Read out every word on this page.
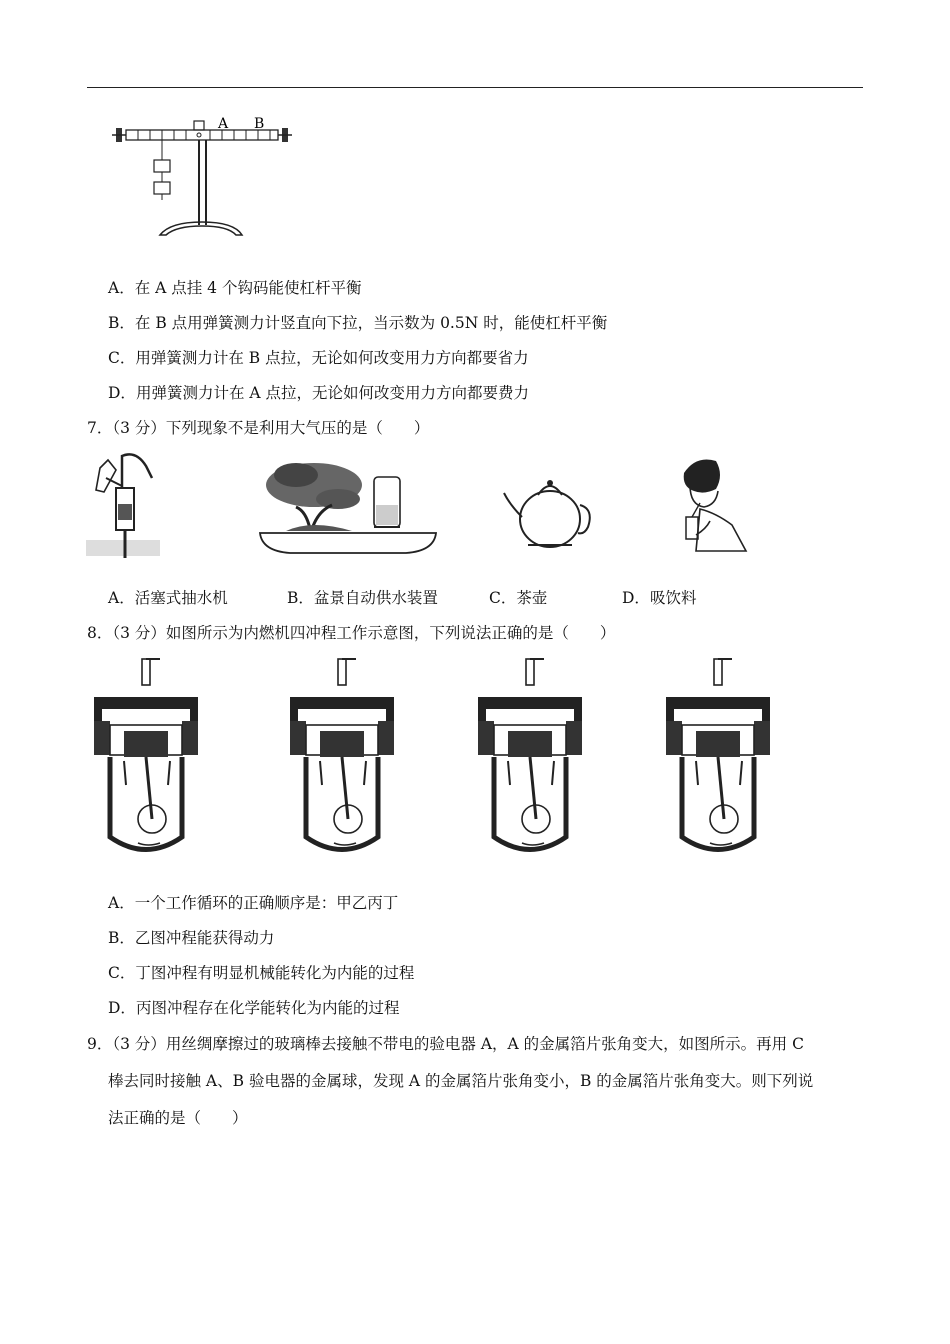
A B
A．在 A 点挂 4 个钩码能使杠杆平衡
B．在 B 点用弹簧测力计竖直向下拉，当示数为 0.5N 时，能使杠杆平衡
C．用弹簧测力计在 B 点拉，无论如何改变用力方向都要省力
D．用弹簧测力计在 A 点拉，无论如何改变用力方向都要费力
7．（3 分）下列现象不是利用大气压的是（　　）
A．活塞式抽水机	B．盆景自动供水装置	C．茶壶	D．吸饮料
8．（3 分）如图所示为内燃机四冲程工作示意图，下列说法正确的是（　　）
A．一个工作循环的正确顺序是：甲乙丙丁
B．乙图冲程能获得动力
C．丁图冲程有明显机械能转化为内能的过程
D．丙图冲程存在化学能转化为内能的过程
9．（3 分）用丝绸摩擦过的玻璃棒去接触不带电的验电器 A，A 的金属箔片张角变大，如图所示。再用 C
棒去同时接触 A、B 验电器的金属球，发现 A 的金属箔片张角变小，B 的金属箔片张角变大。则下列说
法正确的是（　　）
